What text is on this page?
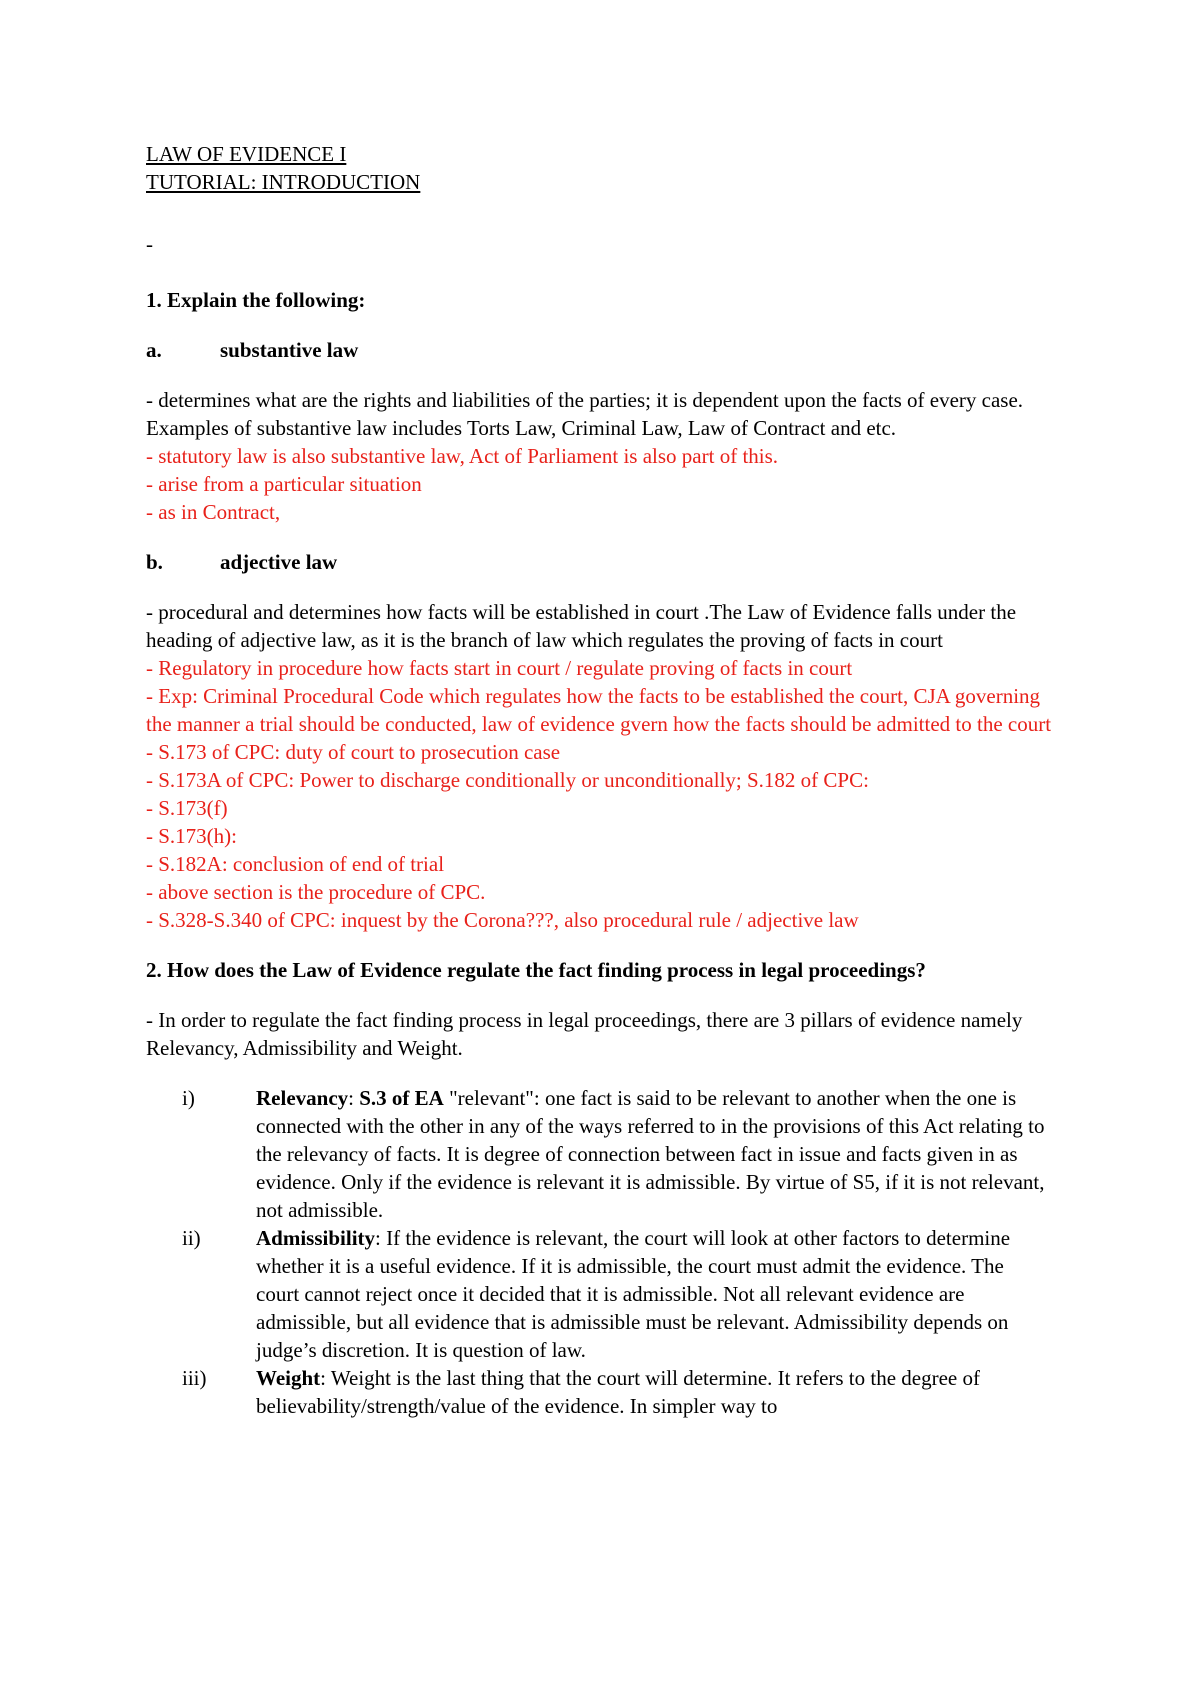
LAW OF EVIDENCE I

TUTORIAL: INTRODUCTION

-

1. Explain the following:

a.	substantive law

- determines what are the rights and liabilities of the parties; it is dependent upon the facts of every case. Examples of substantive law includes Torts Law, Criminal Law, Law of Contract and etc.

- statutory law is also substantive law, Act of Parliament is also part of this.

- arise from a particular situation

- as in Contract,

b.	adjective law

- procedural and determines how facts will be established in court .The Law of Evidence falls under the heading of adjective law, as it is the branch of law which regulates the proving of facts in court

- Regulatory in procedure how facts start in court / regulate proving of facts in court

- Exp: Criminal Procedural Code which regulates how the facts to be established the court, CJA governing the manner a trial should be conducted, law of evidence gvern how the facts should be admitted to the court

- S.173 of CPC: duty of court to prosecution case

- S.173A of CPC: Power to discharge conditionally or unconditionally; S.182 of CPC:

- S.173(f)

- S.173(h):

- S.182A: conclusion of end of trial

- above section is the procedure of CPC.

- S.328-S.340 of CPC: inquest by the Corona???, also procedural rule / adjective law

2. How does the Law of Evidence regulate the fact finding process in legal proceedings?

- In order to regulate the fact finding process in legal proceedings, there are 3 pillars of evidence namely Relevancy, Admissibility and Weight.

i)	Relevancy: S.3 of EA "relevant": one fact is said to be relevant to another when the one is connected with the other in any of the ways referred to in the provisions of this Act relating to the relevancy of facts. It is degree of connection between fact in issue and facts given in as evidence. Only if the evidence is relevant it is admissible. By virtue of S5, if it is not relevant, not admissible.
ii)	Admissibility: If the evidence is relevant, the court will look at other factors to determine whether it is a useful evidence. If it is admissible, the court must admit the evidence. The court cannot reject once it decided that it is admissible. Not all relevant evidence are admissible, but all evidence that is admissible must be relevant. Admissibility depends on judge’s discretion. It is question of law.
iii)	Weight: Weight is the last thing that the court will determine. It refers to the degree of believability/strength/value of the evidence. In simpler way to
